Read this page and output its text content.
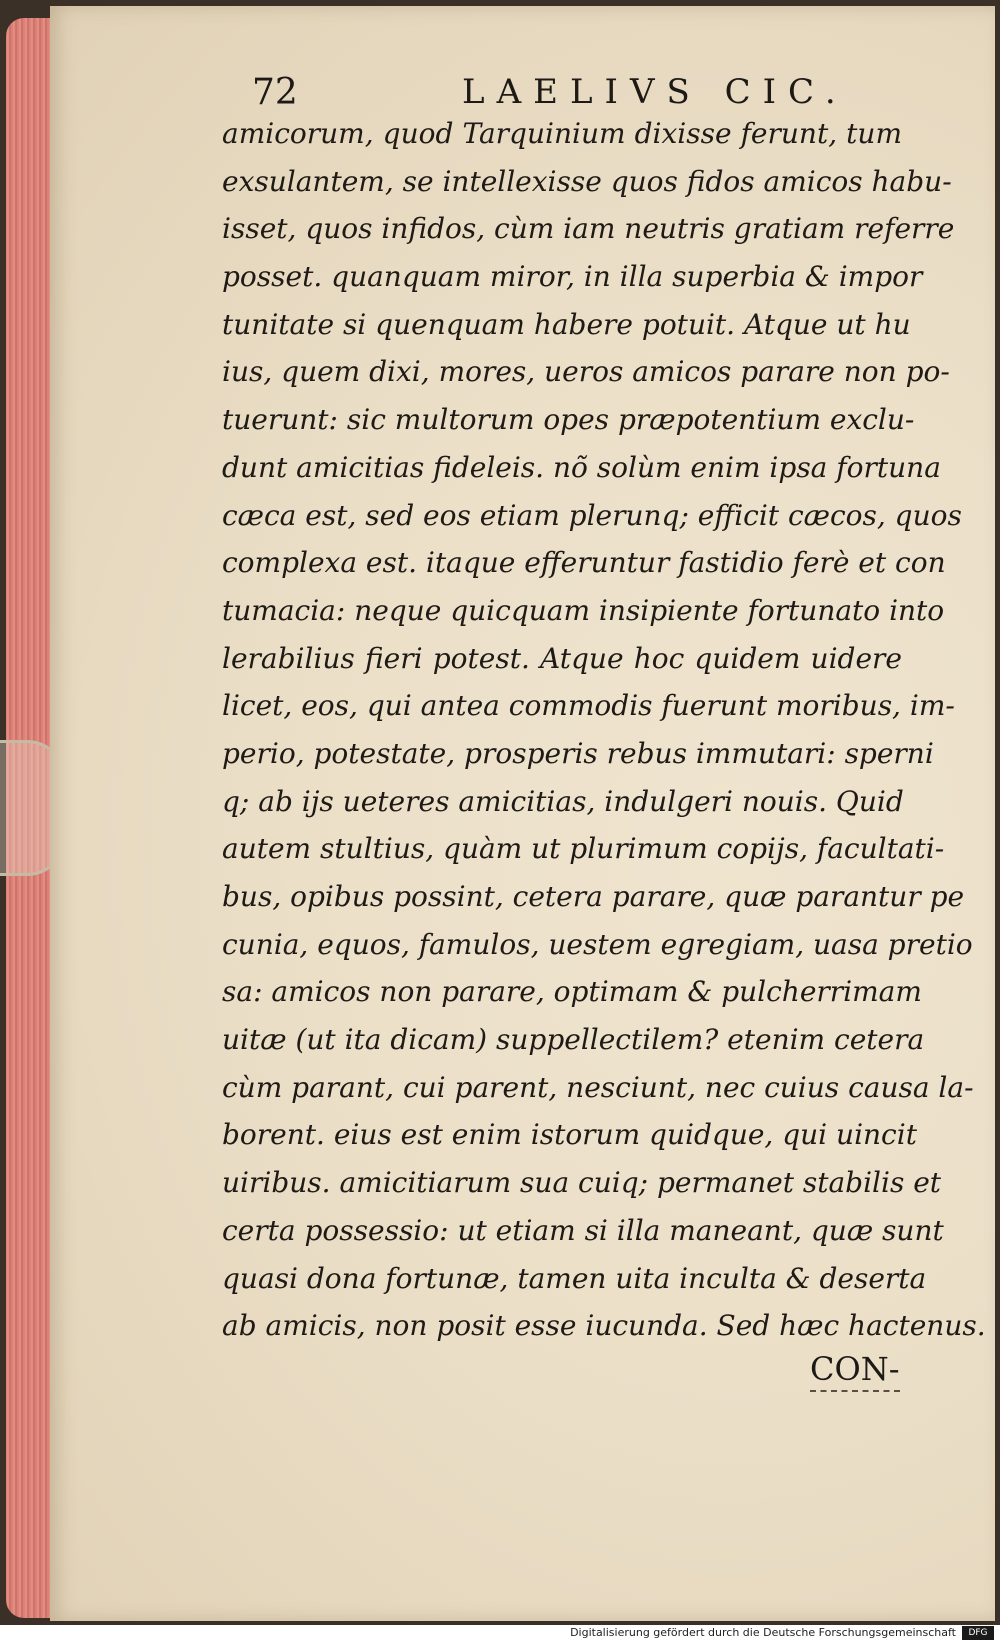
72	LAELIVS CIC.
amicorum, quod Tarquinium dixisse ferunt, tum
exsulantem, se intellexisse quos fidos amicos habu-
isset, quos infidos, cùm iam neutris gratiam referre
posset. quanquam miror, in illa superbia & impor
tunitate si quenquam habere potuit. Atque ut hu
ius, quem dixi, mores, ueros amicos parare non po-
tuerunt: sic multorum opes præpotentium exclu-
dunt amicitias fideleis. nõ solùm enim ipsa fortuna
cæca est, sed eos etiam plerunq; efficit cæcos, quos
complexa est. itaque efferuntur fastidio ferè et con
tumacia: neque quicquam insipiente fortunato into
lerabilius fieri potest. Atque hoc quidem uidere
licet, eos, qui antea commodis fuerunt moribus, im-
perio, potestate, prosperis rebus immutari: sperni
q; ab ijs ueteres amicitias, indulgeri nouis. Quid
autem stultius, quàm ut plurimum copijs, facultati-
bus, opibus possint, cetera parare, quæ parantur pe
cunia, equos, famulos, uestem egregiam, uasa pretio
sa: amicos non parare, optimam & pulcherrimam
uitæ (ut ita dicam) suppellectilem? etenim cetera
cùm parant, cui parent, nesciunt, nec cuius causa la-
borent. eius est enim istorum quidque, qui uincit
uiribus. amicitiarum sua cuiq; permanet stabilis et
certa possessio: ut etiam si illa maneant, quæ sunt
quasi dona fortunæ, tamen uita inculta & deserta
ab amicis, non posit esse iucunda. Sed hæc hactenus.
CON-
Digitalisierung gefördert durch die Deutsche Forschungsgemeinschaft	DFG
